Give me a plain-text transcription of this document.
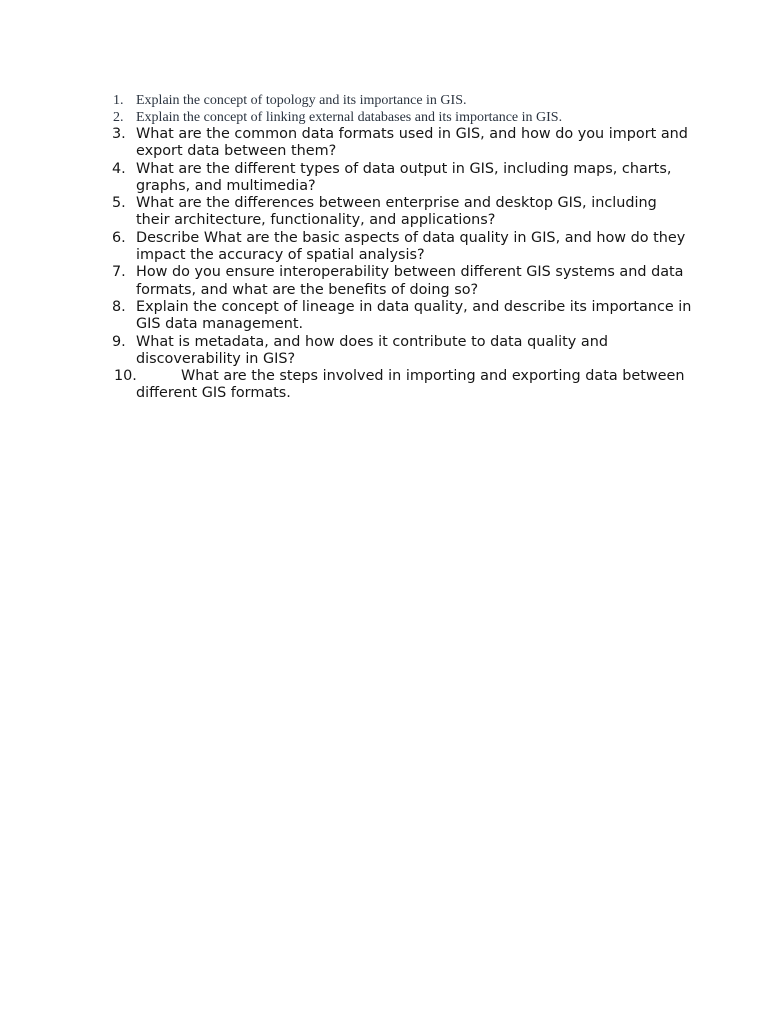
1. Explain the concept of topology and its importance in GIS.
2. Explain the concept of linking external databases and its importance in GIS.
3. What are the common data formats used in GIS, and how do you import and export data between them?
4. What are the different types of data output in GIS, including maps, charts, graphs, and multimedia?
5. What are the differences between enterprise and desktop GIS, including their architecture, functionality, and applications?
6. Describe What are the basic aspects of data quality in GIS, and how do they impact the accuracy of spatial analysis?
7. How do you ensure interoperability between different GIS systems and data formats, and what are the benefits of doing so?
8. Explain the concept of lineage in data quality, and describe its importance in GIS data management.
9. What is metadata, and how does it contribute to data quality and discoverability in GIS?
10.	What are the steps involved in importing and exporting data between different GIS formats.
